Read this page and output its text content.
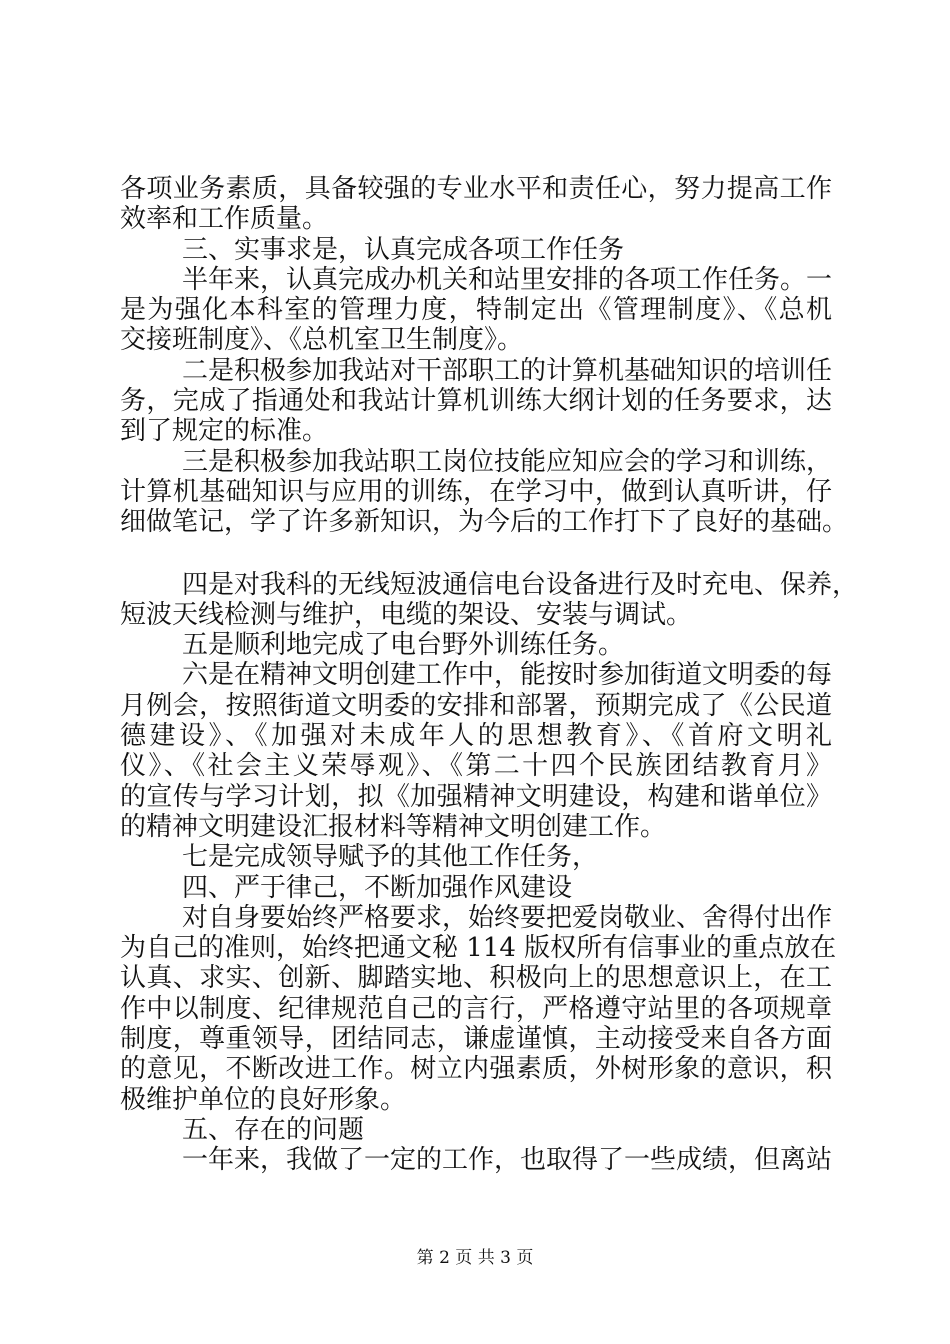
各项业务素质，具备较强的专业水平和责任心，努力提高工作
效率和工作质量。
三、实事求是，认真完成各项工作任务
半年来，认真完成办机关和站里安排的各项工作任务。一
是为强化本科室的管理力度，特制定出《管理制度》、《总机
交接班制度》、《总机室卫生制度》。
二是积极参加我站对干部职工的计算机基础知识的培训任
务，完成了指通处和我站计算机训练大纲计划的任务要求，达
到了规定的标准。
三是积极参加我站职工岗位技能应知应会的学习和训练，
计算机基础知识与应用的训练，在学习中，做到认真听讲，仔
细做笔记，学了许多新知识，为今后的工作打下了良好的基础。
四是对我科的无线短波通信电台设备进行及时充电、保养，
短波天线检测与维护，电缆的架设、安装与调试。
五是顺利地完成了电台野外训练任务。
六是在精神文明创建工作中，能按时参加街道文明委的每
月例会，按照街道文明委的安排和部署，预期完成了《公民道
德建设》、《加强对未成年人的思想教育》、《首府文明礼
仪》、《社会主义荣辱观》、《第二十四个民族团结教育月》
的宣传与学习计划，拟《加强精神文明建设，构建和谐单位》
的精神文明建设汇报材料等精神文明创建工作。
七是完成领导赋予的其他工作任务，
四、严于律己，不断加强作风建设
对自身要始终严格要求，始终要把爱岗敬业、舍得付出作
为自己的准则，始终把通文秘 114 版权所有信事业的重点放在
认真、求实、创新、脚踏实地、积极向上的思想意识上，在工
作中以制度、纪律规范自己的言行，严格遵守站里的各项规章
制度，尊重领导，团结同志，谦虚谨慎，主动接受来自各方面
的意见，不断改进工作。树立内强素质，外树形象的意识，积
极维护单位的良好形象。
五、存在的问题
一年来，我做了一定的工作，也取得了一些成绩，但离站
第 2 页 共 3 页
